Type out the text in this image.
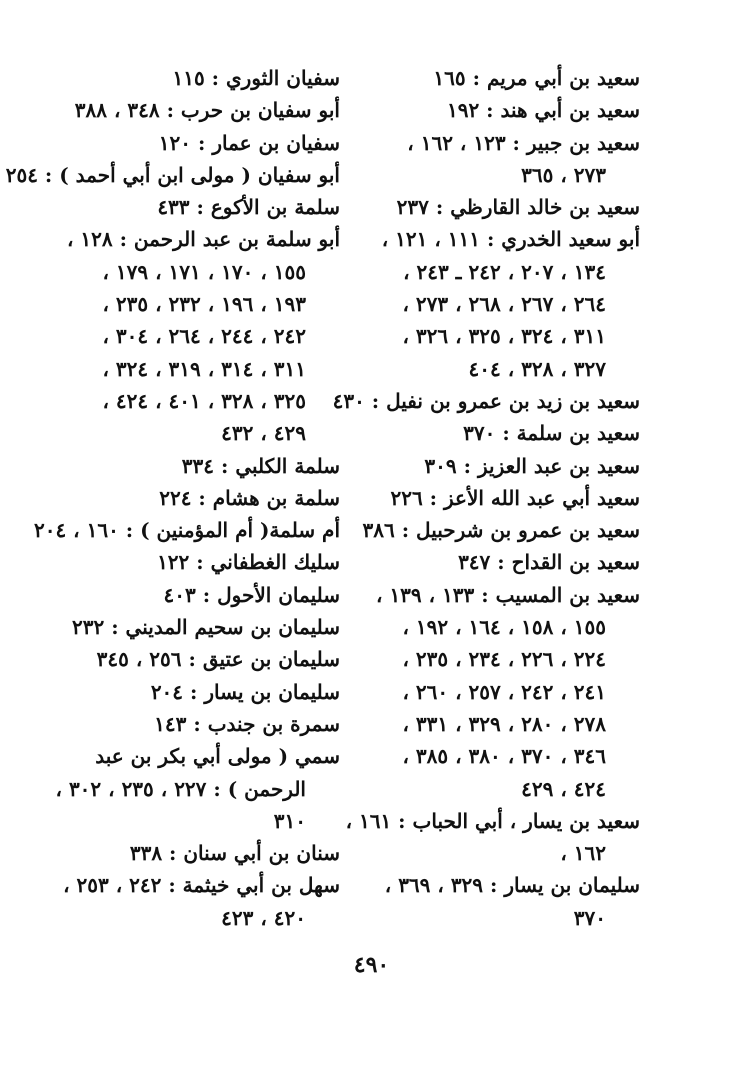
سعيد بن أبي مريم : ١٦٥
سعيد بن أبي هند : ١٩٢
سعيد بن جبير : ١٢٣ ، ١٦٢ ،
٢٧٣ ، ٣٦٥
سعيد بن خالد القارظي : ٢٣٧
أبو سعيد الخدري : ١١١ ، ١٢١ ،
١٣٤ ، ٢٠٧ ، ٢٤٢ ـ ٢٤٣ ،
٢٦٤ ، ٢٦٧ ، ٢٦٨ ، ٢٧٣ ،
٣١١ ، ٣٢٤ ، ٣٢٥ ، ٣٢٦ ،
٣٢٧ ، ٣٢٨ ، ٤٠٤
سعيد بن زيد بن عمرو بن نفيل : ٤٣٠
سعيد بن سلمة : ٣٧٠
سعيد بن عبد العزيز : ٣٠٩
سعيد أبي عبد الله الأعز : ٢٢٦
سعيد بن عمرو بن شرحبيل : ٣٨٦
سعيد بن القداح : ٣٤٧
سعيد بن المسيب : ١٣٣ ، ١٣٩ ،
١٥٥ ، ١٥٨ ، ١٦٤ ، ١٩٢ ،
٢٢٤ ، ٢٢٦ ، ٢٣٤ ، ٢٣٥ ،
٢٤١ ، ٢٤٢ ، ٢٥٧ ، ٢٦٠ ،
٢٧٨ ، ٢٨٠ ، ٣٢٩ ، ٣٣١ ،
٣٤٦ ، ٣٧٠ ، ٣٨٠ ، ٣٨٥ ،
٤٢٤ ، ٤٢٩
سعيد بن يسار ، أبي الحباب : ١٦١ ،
١٦٢ ،
سليمان بن يسار : ٣٢٩ ، ٣٦٩ ،
٣٧٠
سفيان الثوري : ١١٥
أبو سفيان بن حرب : ٣٤٨ ، ٣٨٨
سفيان بن عمار : ١٢٠
أبو سفيان ( مولى ابن أبي أحمد ) : ٢٥٤
سلمة بن الأكوع : ٤٣٣
أبو سلمة بن عبد الرحمن : ١٢٨ ،
١٥٥ ، ١٧٠ ، ١٧١ ، ١٧٩ ،
١٩٣ ، ١٩٦ ، ٢٣٢ ، ٢٣٥ ،
٢٤٢ ، ٢٤٤ ، ٢٦٤ ، ٣٠٤ ،
٣١١ ، ٣١٤ ، ٣١٩ ، ٣٢٤ ،
٣٢٥ ، ٣٢٨ ، ٤٠١ ، ٤٢٤ ،
٤٢٩ ، ٤٣٢
سلمة الكلبي : ٣٣٤
سلمة بن هشام : ٢٢٤
أم سلمة( أم المؤمنين ) : ١٦٠ ، ٢٠٤
سليك الغطفاني : ١٢٢
سليمان الأحول : ٤٠٣
سليمان بن سحيم المديني : ٢٣٢
سليمان بن عتيق : ٢٥٦ ، ٣٤٥
سليمان بن يسار : ٢٠٤
سمرة بن جندب : ١٤٣
سمي ( مولى أبي بكر بن عبد
الرحمن ) : ٢٢٧ ، ٢٣٥ ، ٣٠٢ ،
٣١٠
سنان بن أبي سنان : ٣٣٨
سهل بن أبي خيثمة : ٢٤٢ ، ٢٥٣ ،
٤٢٠ ، ٤٢٣
٤٩٠
